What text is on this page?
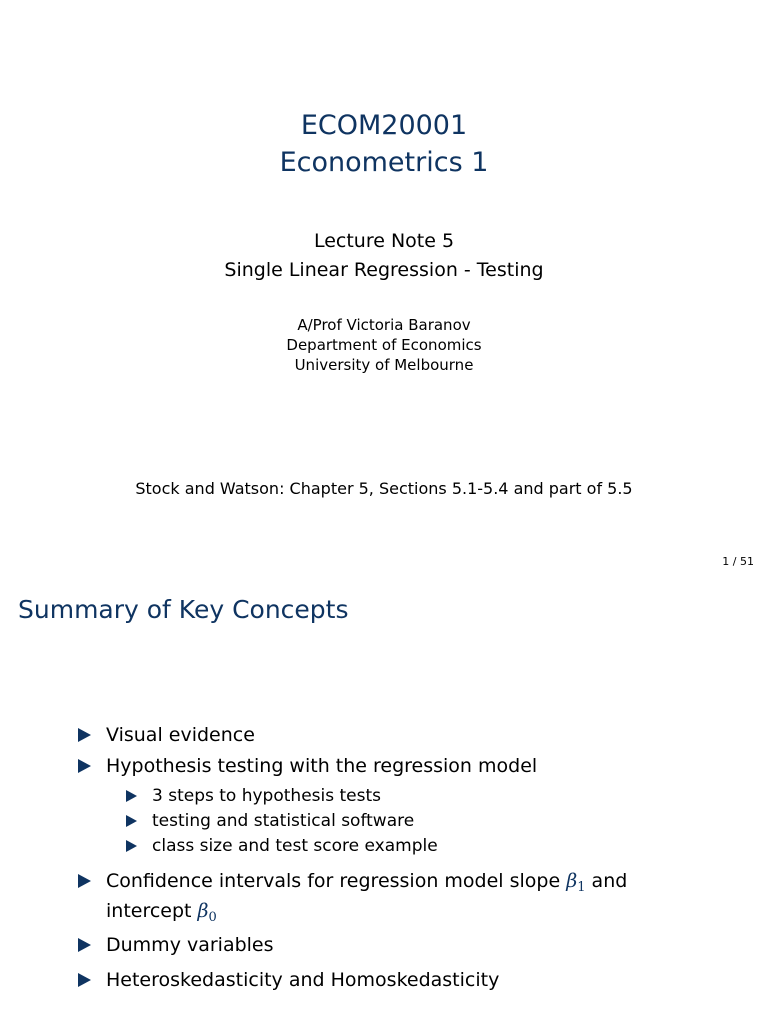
ECOM20001
Econometrics 1
Lecture Note 5
Single Linear Regression - Testing
A/Prof Victoria Baranov
Department of Economics
University of Melbourne
Stock and Watson: Chapter 5, Sections 5.1-5.4 and part of 5.5
1 / 51
Summary of Key Concepts
Visual evidence
Hypothesis testing with the regression model
3 steps to hypothesis tests
testing and statistical software
class size and test score example
Confidence intervals for regression model slope $\beta_1$ and
intercept $\beta_0$
Dummy variables
Heteroskedasticity and Homoskedasticity
